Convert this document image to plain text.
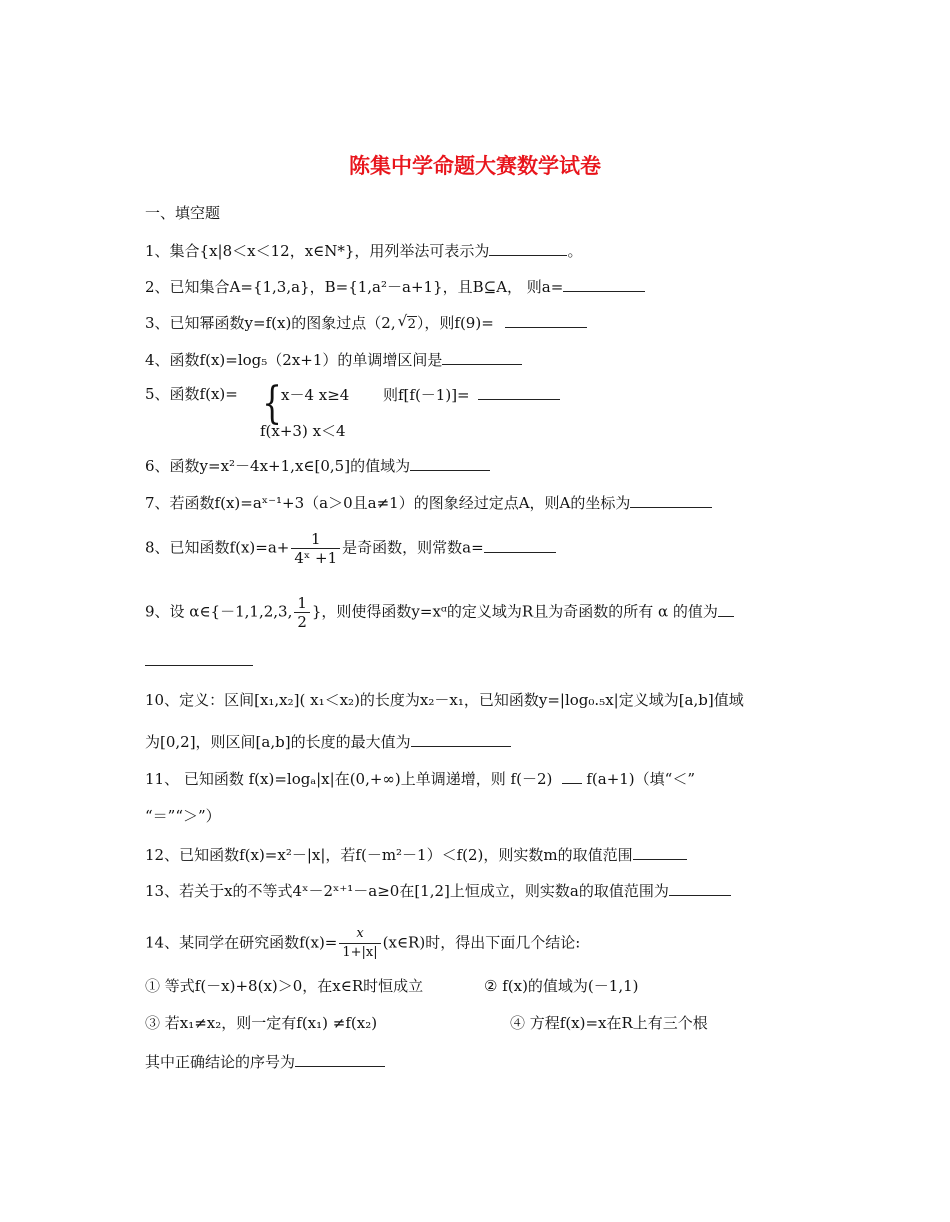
陈集中学命题大赛数学试卷
一、填空题
1、集合{x|8＜x＜12，x∈N*}，用列举法可表示为	。
2、已知集合A={1,3,a}，B={1,a²－a+1}，且B⊆A， 则a=
3、已知幂函数y=f(x)的图象过点（2, √ 2），则f(9)=
4、函数f(x)=log₅（2x+1）的单调增区间是
5、函数f(x)= { x－4 x≥4 则f[f(－1)]=
f(x+3) x＜4
6、函数y=x²－4x+1,x∈[0,5]的值域为
7、若函数f(x)=aˣ⁻¹+3（a＞0且a≠1）的图象经过定点A，则A的坐标为
8、已知函数$f(x)=a+ \frac{1}{\text{4ˣ +1}}$ 是奇函数，则常数a=
9、设 α∈{－1,1,2,3, $\frac{1}{2}$ }，则使得函数y=xᵅ的定义域为R且为奇函数的所有 α 的值为
10、定义：区间[x₁,x₂]( x₁＜x₂)的长度为x₂－x₁，已知函数y=|log₀.₅x|定义域为[a,b]值域
为[0,2]，则区间[a,b]的长度的最大值为
11、 已知函数 f(x)=logₐ|x|在(0,+∞)上单调递增，则 f(－2) f(a+1)（填“＜”
“＝”“＞”）
12、已知函数f(x)=x²－|x|，若f(－m²－1）＜f(2)，则实数m的取值范围
13、若关于x的不等式4ˣ－2ˣ⁺¹－a≥0在[1,2]上恒成立，则实数a的取值范围为
14、某同学在研究函数$f(x)= \frac{x}{1+|x|}$ (x∈R)时，得出下面几个结论:
① 等式f(－x)+8(x)＞0，在x∈R时恒成立	② f(x)的值域为(－1,1)
③ 若x₁≠x₂，则一定有f(x₁) ≠f(x₂)	④ 方程f(x)=x在R上有三个根
其中正确结论的序号为
